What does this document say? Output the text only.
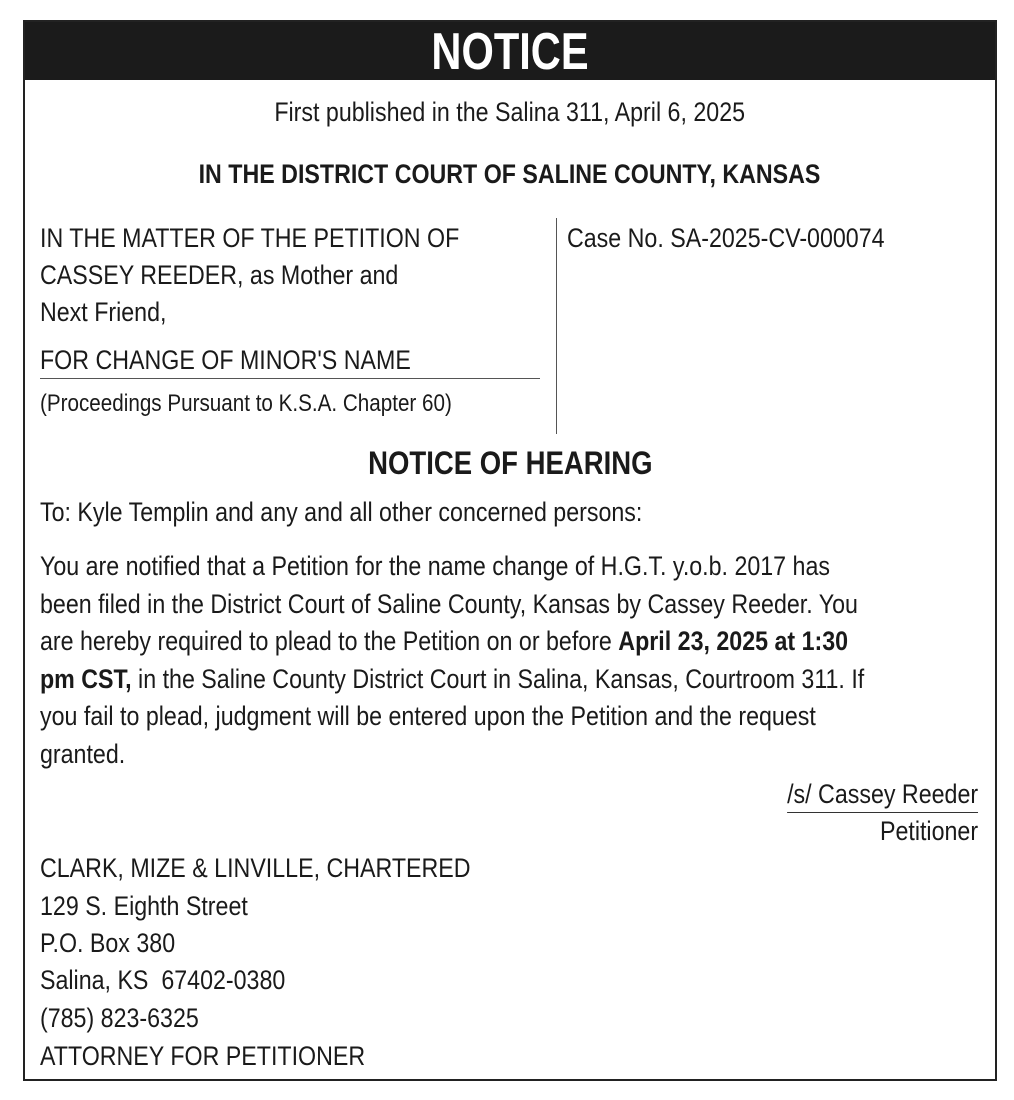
NOTICE
First published in the Salina 311, April 6, 2025
IN THE DISTRICT COURT OF SALINE COUNTY, KANSAS
IN THE MATTER OF THE PETITION OF
CASSEY REEDER, as Mother and
Next Friend,
FOR CHANGE OF MINOR'S NAME
(Proceedings Pursuant to K.S.A. Chapter 60)
Case No. SA-2025-CV-000074
NOTICE OF HEARING
To: Kyle Templin and any and all other concerned persons:
You are notified that a Petition for the name change of H.G.T. y.o.b. 2017 has
been filed in the District Court of Saline County, Kansas by Cassey Reeder. You
are hereby required to plead to the Petition on or before April 23, 2025 at 1:30
pm CST, in the Saline County District Court in Salina, Kansas, Courtroom 311. If
you fail to plead, judgment will be entered upon the Petition and the request
granted.
/s/ Cassey Reeder
Petitioner
CLARK, MIZE & LINVILLE, CHARTERED
129 S. Eighth Street
P.O. Box 380
Salina, KS  67402-0380
(785) 823-6325
ATTORNEY FOR PETITIONER
